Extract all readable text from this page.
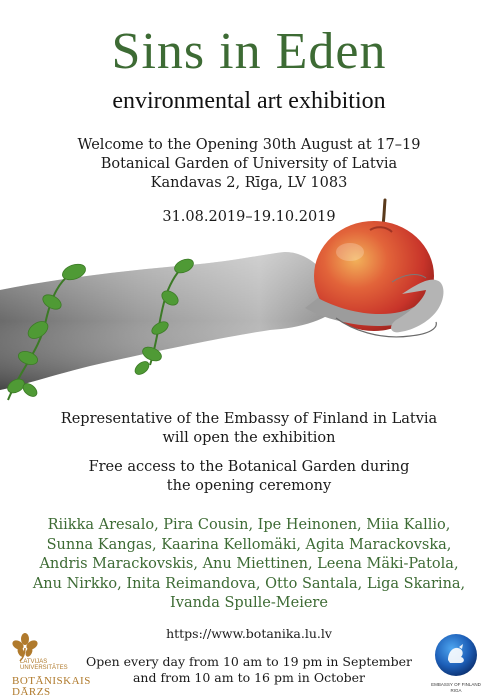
Sins in Eden
environmental art exhibition
Welcome to the Opening 30th August at 17–19
Botanical Garden of University of Latvia
Kandavas 2, Rīga, LV 1083
31.08.2019–19.10.2019
Representative of the Embassy of Finland in Latvia
will open the exhibition
Free access to the Botanical Garden during
the opening ceremony
Riikka Aresalo, Pira Cousin, Ipe Heinonen, Miia Kallio,
Sunna Kangas, Kaarina Kellomäki, Agita Marackovska,
Andris Marackovskis, Anu Miettinen, Leena Mäki-Patola,
Anu Nirkko, Inita Reimandova, Otto Santala, Liga Skarina,
Ivanda Spulle-Meiere
https://www.botanika.lu.lv
Open every day from 10 am to 19 pm in September
and from 10 am to 16 pm in October
LATVIJAS
UNIVERSITĀTES
BOTĀNISKAIS
DĀRZS
EMBASSY OF FINLAND
RIGA
